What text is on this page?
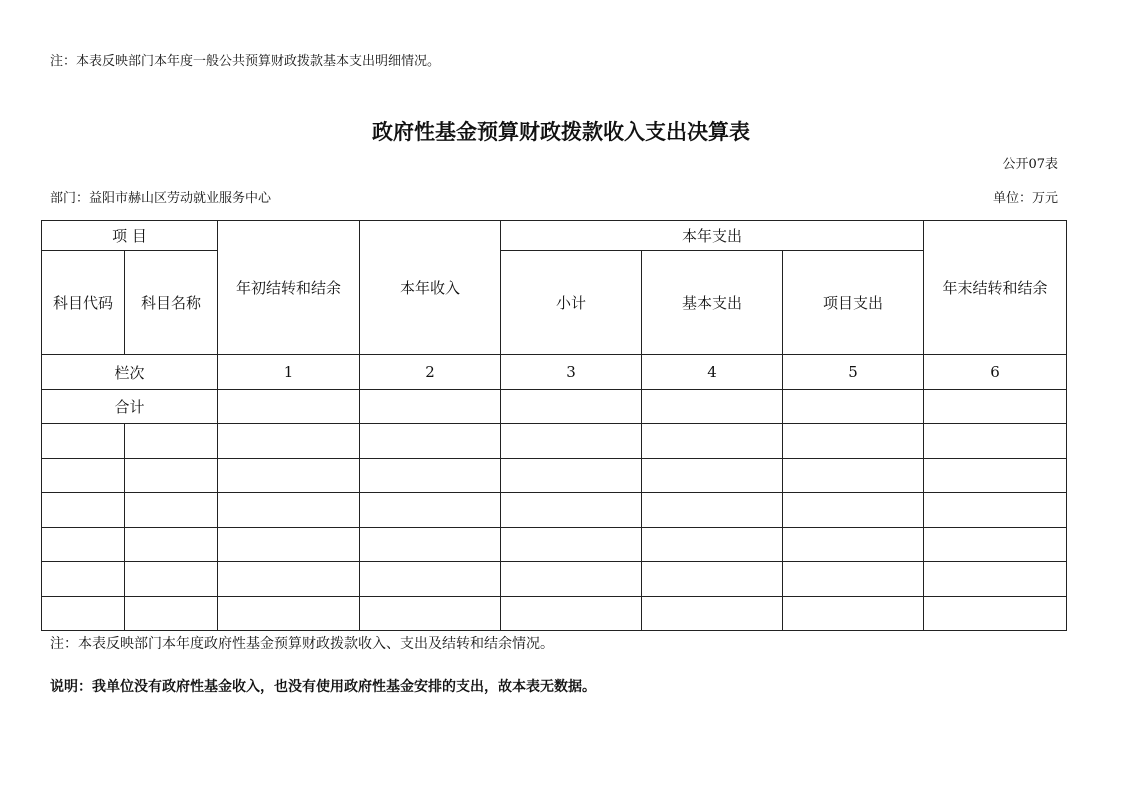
注：本表反映部门本年度一般公共预算财政拨款基本支出明细情况。
政府性基金预算财政拨款收入支出决算表
公开07表
部门：益阳市赫山区劳动就业服务中心	单位：万元
项 目		年初结转和结余	本年收入	本年支出			年末结转和结余
科目代码	科目名称			小计	基本支出	项目支出	
栏次		1	2	3	4	5	6
合计							

注：本表反映部门本年度政府性基金预算财政拨款收入、支出及结转和结余情况。
说明：我单位没有政府性基金收入，也没有使用政府性基金安排的支出，故本表无数据。
